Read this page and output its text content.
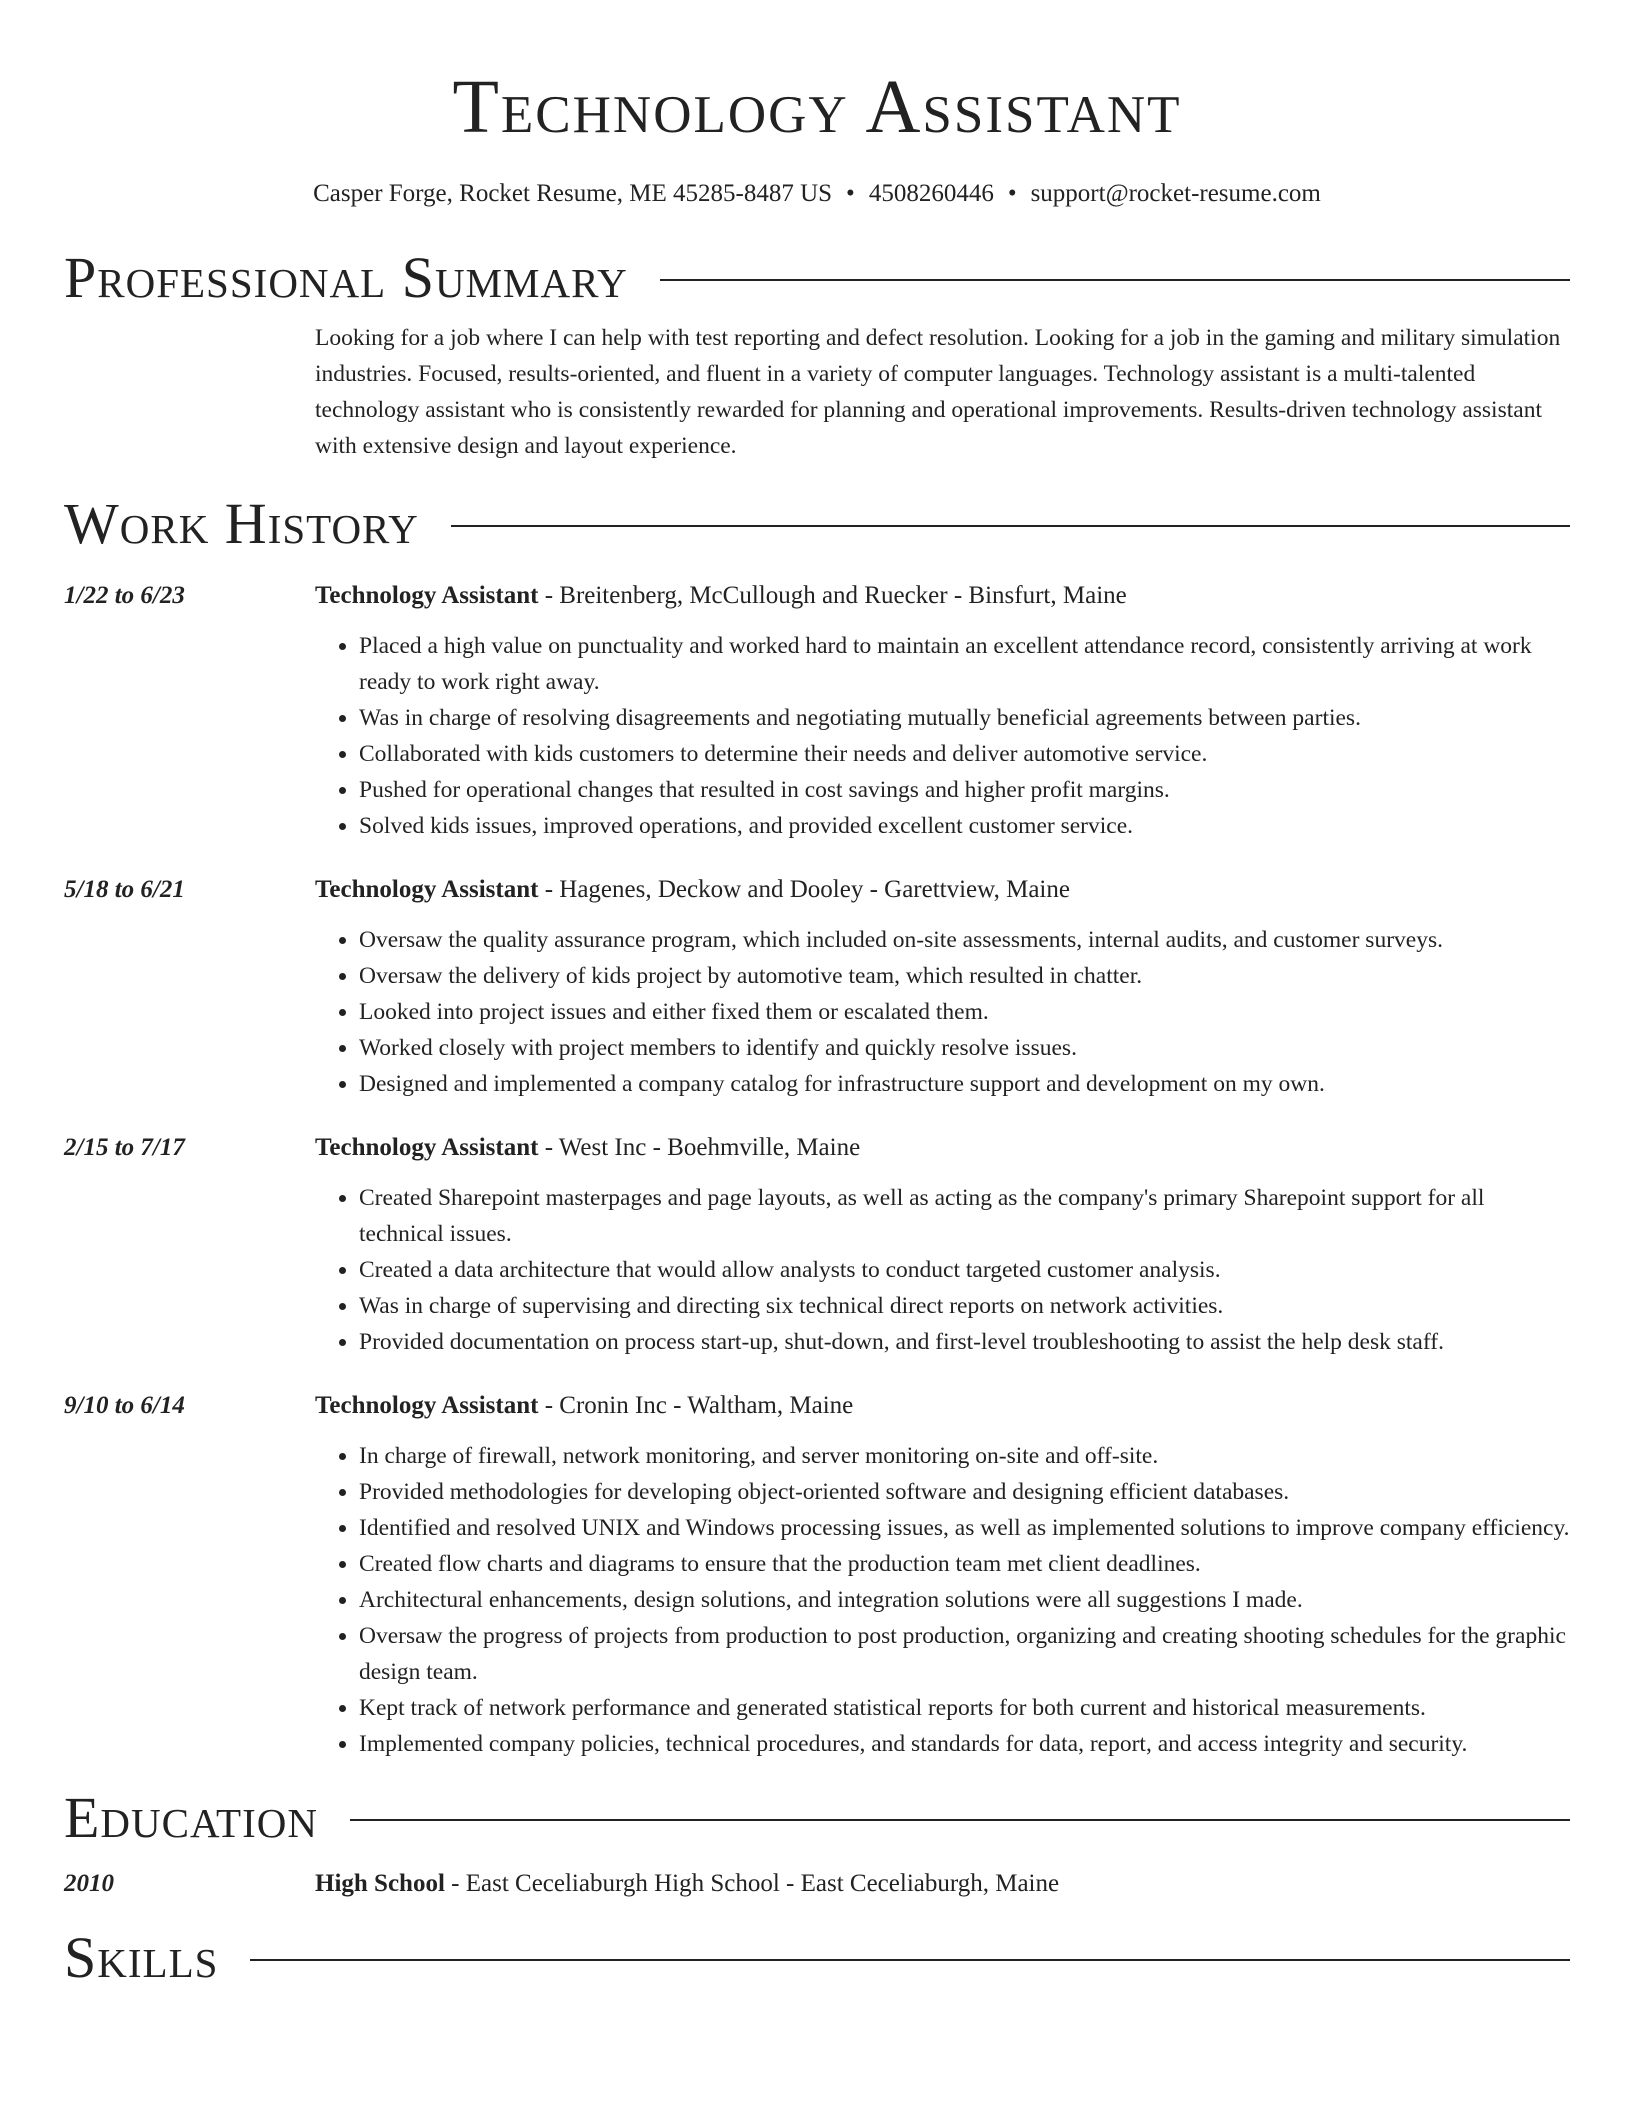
Technology Assistant
Casper Forge, Rocket Resume, ME 45285-8487 US • 4508260446 • support@rocket-resume.com
Professional Summary
Looking for a job where I can help with test reporting and defect resolution. Looking for a job in the gaming and military simulation industries. Focused, results-oriented, and fluent in a variety of computer languages. Technology assistant is a multi-talented technology assistant who is consistently rewarded for planning and operational improvements. Results-driven technology assistant with extensive design and layout experience.
Work History
1/22 to 6/23	Technology Assistant - Breitenberg, McCullough and Ruecker - Binsfurt, Maine
• Placed a high value on punctuality and worked hard to maintain an excellent attendance record, consistently arriving at work ready to work right away.
• Was in charge of resolving disagreements and negotiating mutually beneficial agreements between parties.
• Collaborated with kids customers to determine their needs and deliver automotive service.
• Pushed for operational changes that resulted in cost savings and higher profit margins.
• Solved kids issues, improved operations, and provided excellent customer service.
5/18 to 6/21	Technology Assistant - Hagenes, Deckow and Dooley - Garettview, Maine
• Oversaw the quality assurance program, which included on-site assessments, internal audits, and customer surveys.
• Oversaw the delivery of kids project by automotive team, which resulted in chatter.
• Looked into project issues and either fixed them or escalated them.
• Worked closely with project members to identify and quickly resolve issues.
• Designed and implemented a company catalog for infrastructure support and development on my own.
2/15 to 7/17	Technology Assistant - West Inc - Boehmville, Maine
• Created Sharepoint masterpages and page layouts, as well as acting as the company's primary Sharepoint support for all technical issues.
• Created a data architecture that would allow analysts to conduct targeted customer analysis.
• Was in charge of supervising and directing six technical direct reports on network activities.
• Provided documentation on process start-up, shut-down, and first-level troubleshooting to assist the help desk staff.
9/10 to 6/14	Technology Assistant - Cronin Inc - Waltham, Maine
• In charge of firewall, network monitoring, and server monitoring on-site and off-site.
• Provided methodologies for developing object-oriented software and designing efficient databases.
• Identified and resolved UNIX and Windows processing issues, as well as implemented solutions to improve company efficiency.
• Created flow charts and diagrams to ensure that the production team met client deadlines.
• Architectural enhancements, design solutions, and integration solutions were all suggestions I made.
• Oversaw the progress of projects from production to post production, organizing and creating shooting schedules for the graphic design team.
• Kept track of network performance and generated statistical reports for both current and historical measurements.
• Implemented company policies, technical procedures, and standards for data, report, and access integrity and security.
Education
2010	High School - East Ceceliaburgh High School - East Ceceliaburgh, Maine
Skills
